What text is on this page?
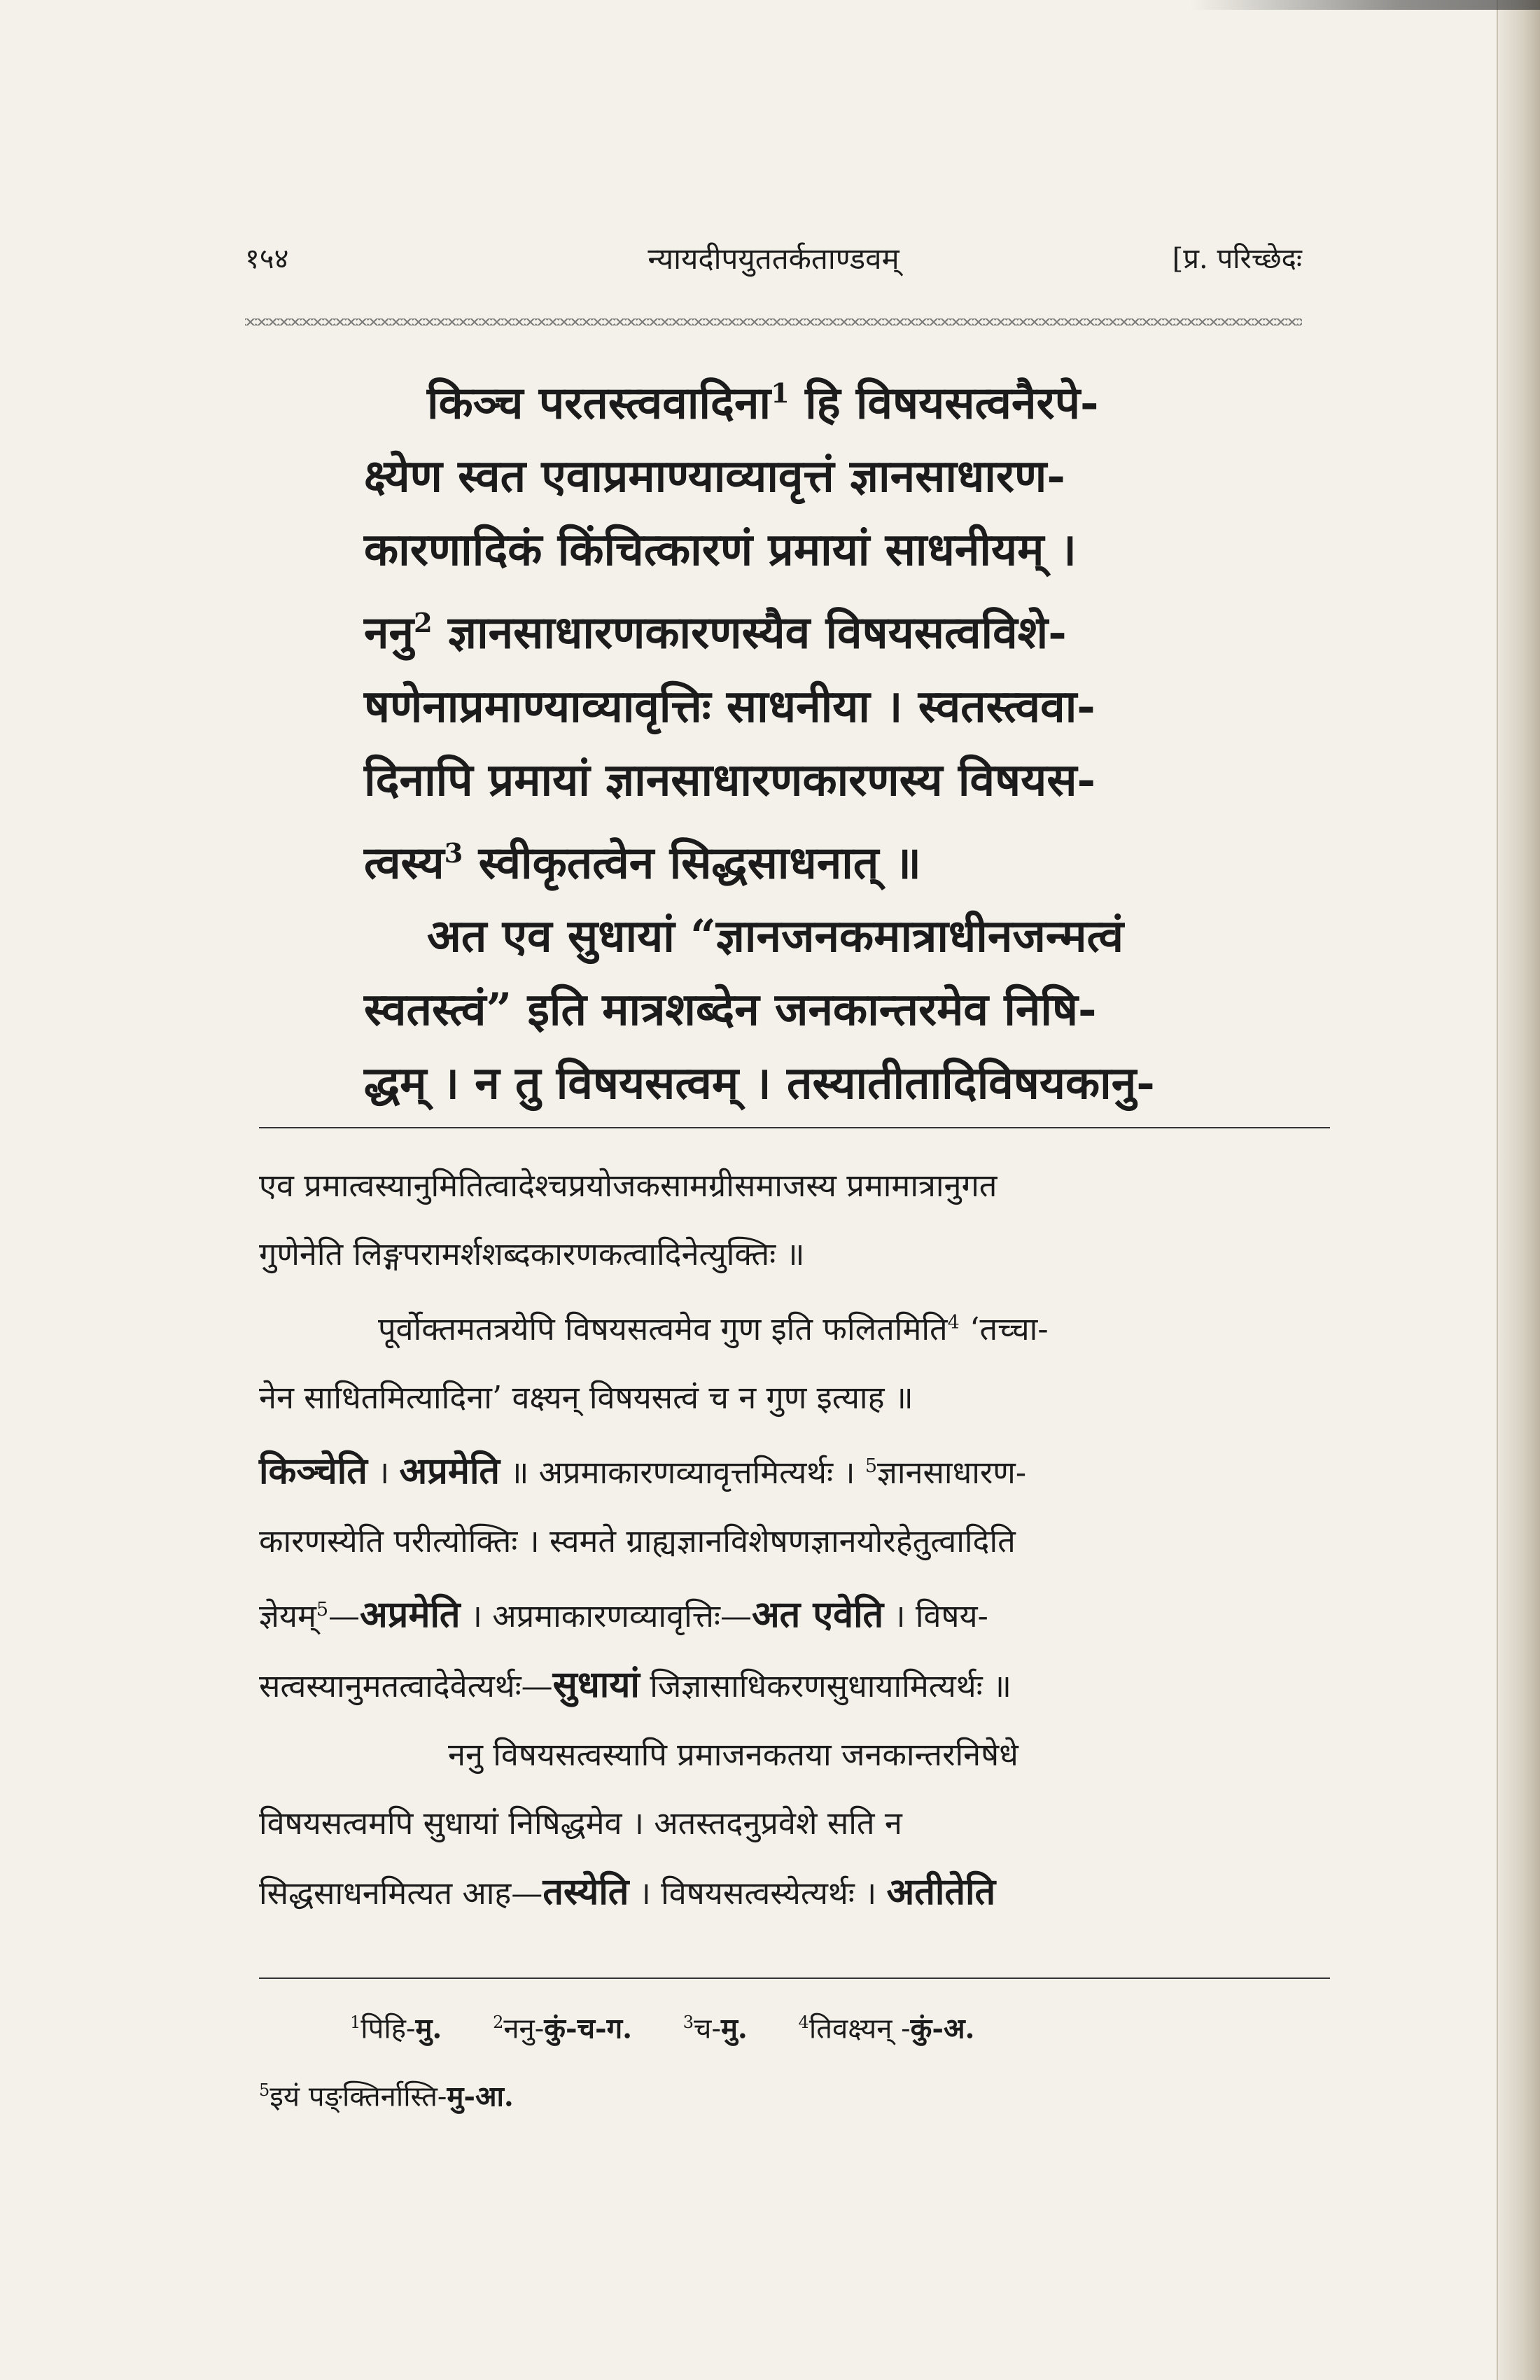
१५४	न्यायदीपयुततर्कताण्डवम्	[प्र. परिच्छेदः

किञ्च परतस्त्ववादिना$^1$ हि विषयसत्वनैरपे-

क्ष्येण स्वत एवाप्रमाण्याव्यावृत्तं ज्ञानसाधारण-

कारणादिकं किंचित्कारणं प्रमायां साधनीयम् ।

ननु$^2$ ज्ञानसाधारणकारणस्यैव विषयसत्वविशे-

षणेनाप्रमाण्याव्यावृत्तिः साधनीया । स्वतस्त्ववा-

दिनापि प्रमायां ज्ञानसाधारणकारणस्य विषयस-

त्वस्य$^3$ स्वीकृतत्वेन सिद्धसाधनात् ॥

अत एव सुधायां “ज्ञानजनकमात्राधीनजन्मत्वं

स्वतस्त्वं” इति मात्रशब्देन जनकान्तरमेव निषि-

द्धम् । न तु विषयसत्वम् । तस्यातीतादिविषयकानु-

एव प्रमात्वस्यानुमितित्वादेश्चप्रयोजकसामग्रीसमाजस्य प्रमामात्रानुगत

गुणेनेति लिङ्गपरामर्शशब्दकारणकत्वादिनेत्युक्तिः ॥

पूर्वोक्तमतत्रयेपि विषयसत्वमेव गुण इति फलितमिति$^4$ ‘तच्चा-

नेन साधितमित्यादिना’ वक्ष्यन् विषयसत्वं च न गुण इत्याह ॥

किञ्चेति । अप्रमेति ॥ अप्रमाकारणव्यावृत्तमित्यर्थः । $^5$ज्ञानसाधारण-

कारणस्येति परीत्योक्तिः । स्वमते ग्राह्यज्ञानविशेषणज्ञानयोरहेतुत्वादिति

ज्ञेयम्$^5$—अप्रमेति । अप्रमाकारणव्यावृत्तिः—अत एवेति । विषय-

सत्वस्यानुमतत्वादेवेत्यर्थः—सुधायां जिज्ञासाधिकरणसुधायामित्यर्थः ॥

ननु विषयसत्वस्यापि प्रमाजनकतया जनकान्तरनिषेधे

विषयसत्वमपि सुधायां निषिद्धमेव । अतस्तदनुप्रवेशे सति न

सिद्धसाधनमित्यत आह—तस्येति । विषयसत्वस्येत्यर्थः । अतीतेति

$^1$पिहि-मु.	$^2$ननु-कुं-च-ग.	$^3$च-मु.	$^4$तिवक्ष्यन् -कुं-अ.

$^5$इयं पङ्क्तिर्नास्ति-मु-आ.
